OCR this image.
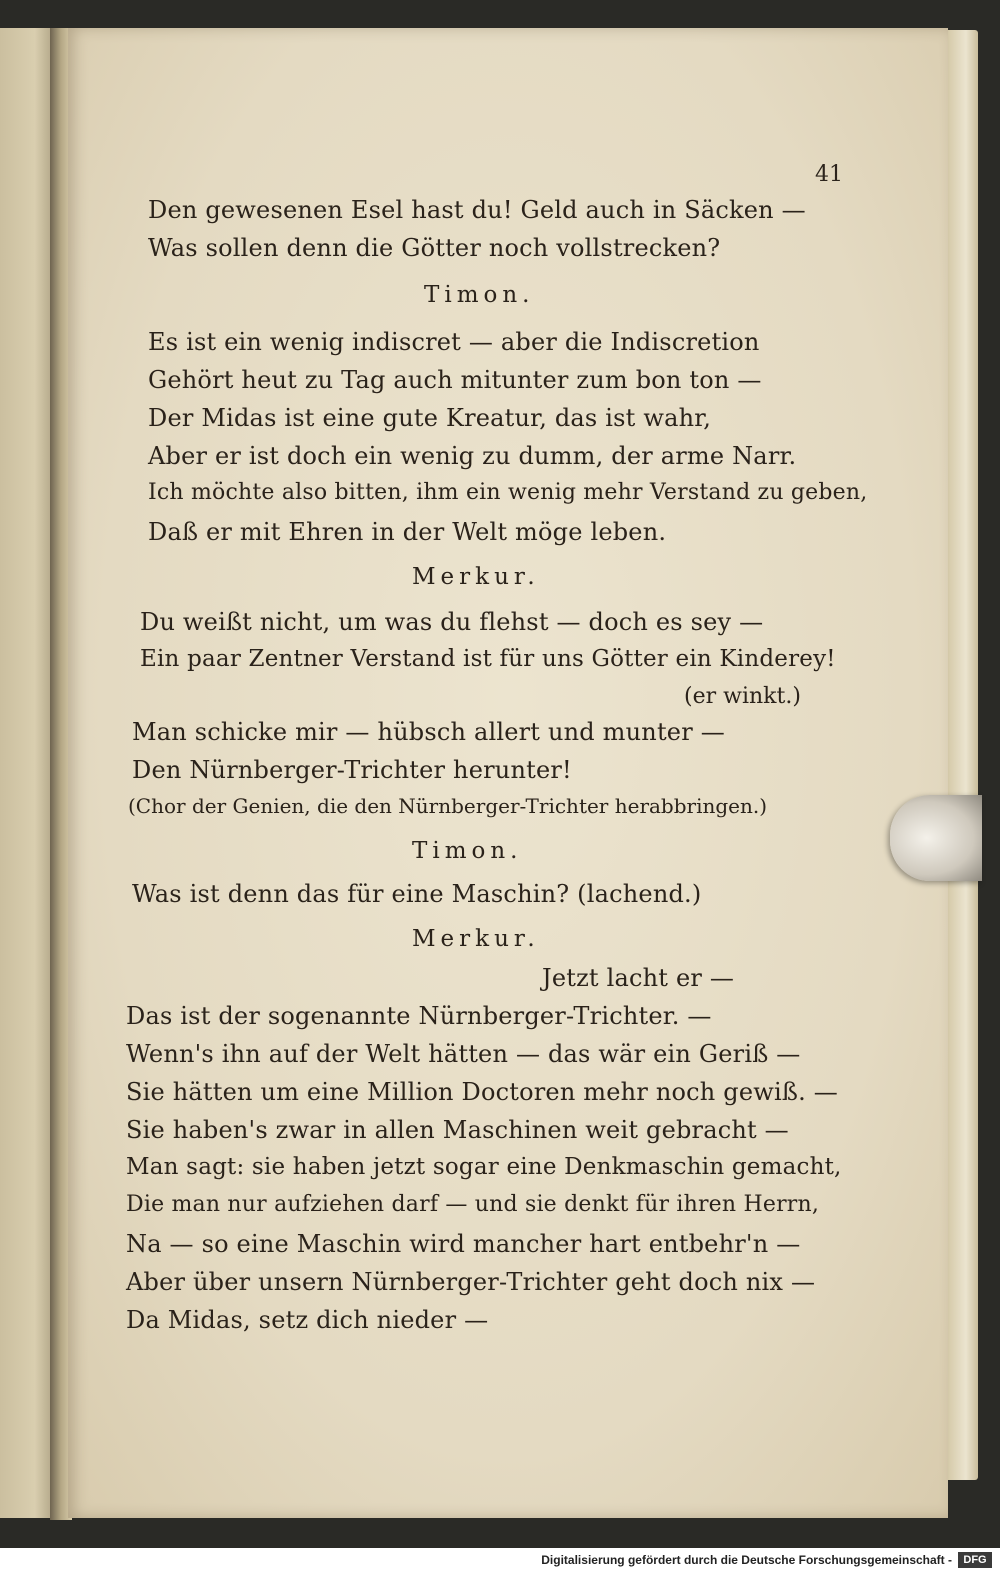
41
Den gewesenen Esel hast du! Geld auch in Säcken —
Was sollen denn die Götter noch vollstrecken?
Timon.
Es ist ein wenig indiscret — aber die Indiscretion
Gehört heut zu Tag auch mitunter zum bon ton —
Der Midas ist eine gute Kreatur, das ist wahr,
Aber er ist doch ein wenig zu dumm, der arme Narr.
Ich möchte also bitten, ihm ein wenig mehr Verstand zu geben,
Daß er mit Ehren in der Welt möge leben.
Merkur.
Du weißt nicht, um was du flehst — doch es sey —
Ein paar Zentner Verstand ist für uns Götter ein Kinderey!
(er winkt.)
Man schicke mir — hübsch allert und munter —
Den Nürnberger-Trichter herunter!
(Chor der Genien, die den Nürnberger-Trichter herabbringen.)
Timon.
Was ist denn das für eine Maschin? (lachend.)
Merkur.
Jetzt lacht er —
Das ist der sogenannte Nürnberger-Trichter. —
Wenn's ihn auf der Welt hätten — das wär ein Geriß —
Sie hätten um eine Million Doctoren mehr noch gewiß. —
Sie haben's zwar in allen Maschinen weit gebracht —
Man sagt: sie haben jetzt sogar eine Denkmaschin gemacht,
Die man nur aufziehen darf — und sie denkt für ihren Herrn,
Na — so eine Maschin wird mancher hart entbehr'n —
Aber über unsern Nürnberger-Trichter geht doch nix —
Da Midas, setz dich nieder —
Digitalisierung gefördert durch die Deutsche Forschungsgemeinschaft -	DFG
